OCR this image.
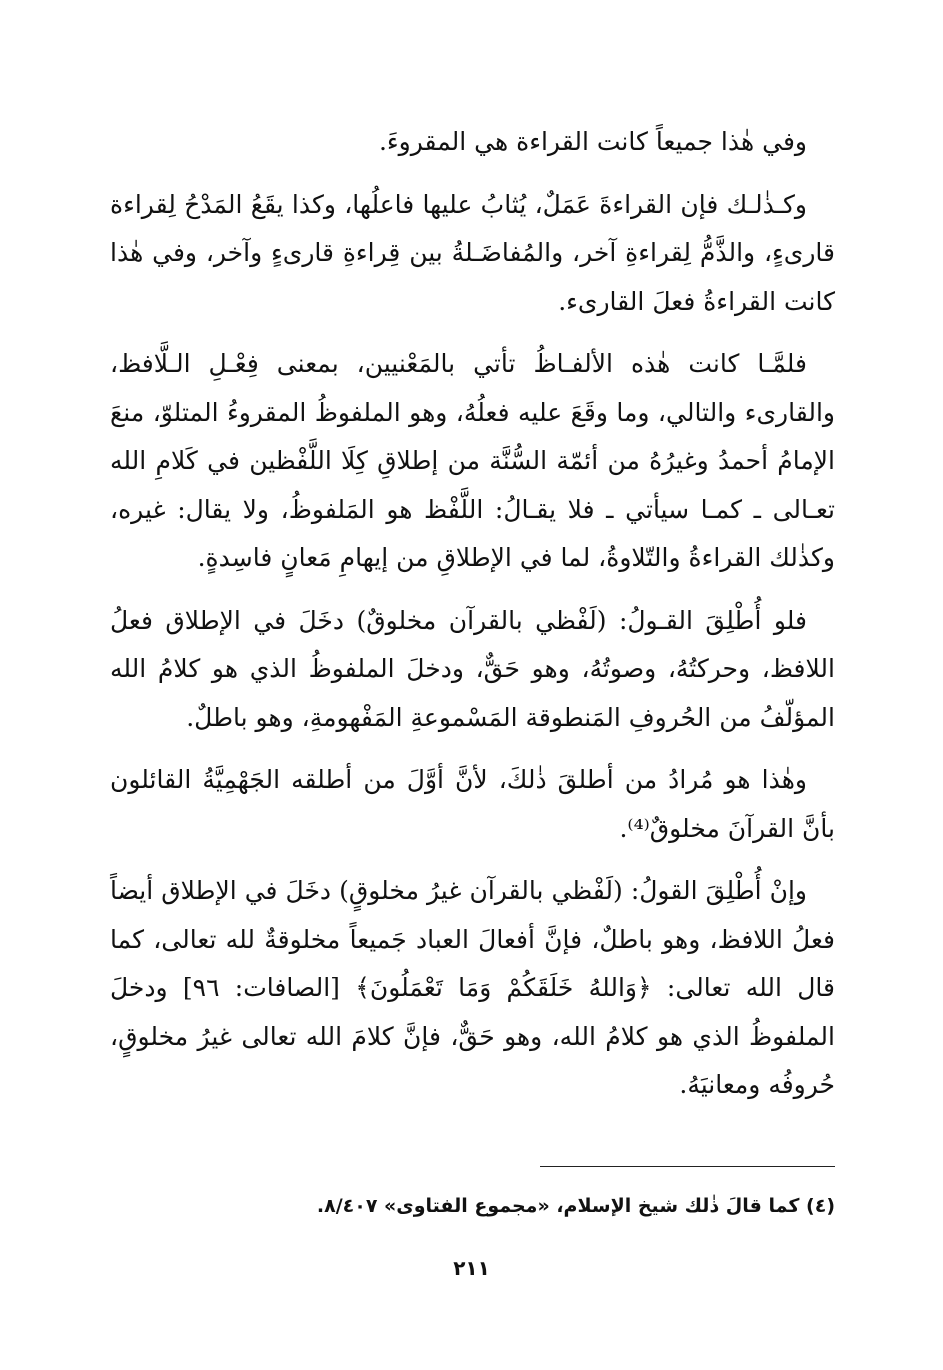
وفي هٰذا جميعاً كانت القراءة هي المقروءَ.

وكـذٰلـك فإن القراءةَ عَمَلٌ، يُثابُ عليها فاعلُها، وكذا يقَعُ المَدْحُ لِقراءة قارىءٍ، والذَّمُّ لِقراءةِ آخر، والمُفاضَـلةُ بين قِراءةِ قارىءٍ وآخر، وفي هٰذا كانت القراءةُ فعلَ القارىء.

فلمَّـا كانت هٰذه الألفـاظُ تأتي بالمَعْنيين، بمعنى فِعْـلِ الـلَّافظ، والقارىء والتالي، وما وقَعَ عليه فعلُهُ، وهو الملفوظُ المقروءُ المتلوّ، منعَ الإمامُ أحمدُ وغيرُهُ من أئمّة السُّنَّة من إطلاقِ كِلَا اللَّفْظين في كَلامِ الله تعـالى ـ كمـا سيأتي ـ فلا يقـالُ: اللَّفْظ هو المَلفوظُ، ولا يقال: غيره، وكذٰلك القراءةُ والتّلاوةُ، لما في الإطلاقِ من إيهامِ مَعانٍ فاسِدةٍ.

فلو أُطْلِقَ القـولُ: (لَفْظي بالقرآن مخلوقٌ) دخَلَ في الإطلاق فعلُ اللافظ، وحركتُهُ، وصوتُهُ، وهو حَقٌّ، ودخلَ الملفوظُ الذي هو كلامُ الله المؤلّفُ من الحُروفِ المَنطوقة المَسْموعةِ المَفْهومةِ، وهو باطلٌ.

وهٰذا هو مُرادُ من أطلقَ ذٰلكَ، لأنَّ أوَّلَ من أطلقه الجَهْمِيَّةُ القائلون بأنَّ القرآنَ مخلوقٌ⁽⁴⁾.

وإنْ أُطْلِقَ القولُ: (لَفْظي بالقرآن غيرُ مخلوقٍ) دخَلَ في الإطلاق أيضاً فعلُ اللافظ، وهو باطلٌ، فإنَّ أفعالَ العباد جَميعاً مخلوقةٌ لله تعالى، كما قال الله تعالى: ﴿وَاللهُ خَلَقَكُمْ وَمَا تَعْمَلُونَ﴾ [الصافات: ٩٦] ودخلَ الملفوظُ الذي هو كلامُ الله، وهو حَقٌّ، فإنَّ كلامَ الله تعالى غيرُ مخلوقٍ، حُروفُه ومعانيَهُ.

(٤) كما قالَ ذٰلك شيخ الإسلام، «مجموع الفتاوى» ٨/٤٠٧.
٢١١
